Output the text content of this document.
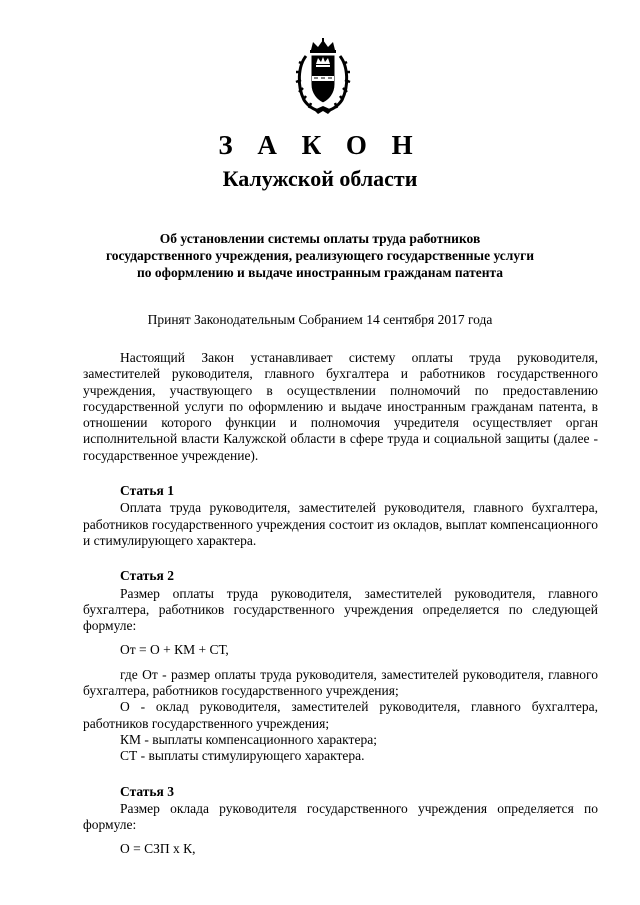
З А К О Н
Калужской области
Об установлении системы оплаты труда работников
государственного учреждения, реализующего государственные услуги
по оформлению и выдаче иностранным гражданам патента
Принят Законодательным Собранием 14 сентября 2017 года

Настоящий Закон устанавливает систему оплаты труда руководителя, заместителей руководителя, главного бухгалтера и работников государственного учреждения, участвующего в осуществлении полномочий по предоставлению государственной услуги по оформлению и выдаче иностранным гражданам патента, в отношении которого функции и полномочия учредителя осуществляет орган исполнительной власти Калужской области в сфере труда и социальной защиты (далее - государственное учреждение).

Статья 1

Оплата труда руководителя, заместителей руководителя, главного бухгалтера, работников государственного учреждения состоит из окладов, выплат компенсационного и стимулирующего характера.

Статья 2

Размер оплаты труда руководителя, заместителей руководителя, главного бухгалтера, работников государственного учреждения определяется по следующей формуле:

От = О + КМ + СТ,

где От - размер оплаты труда руководителя, заместителей руководителя, главного бухгалтера, работников государственного учреждения;

О - оклад руководителя, заместителей руководителя, главного бухгалтера, работников государственного учреждения;

КМ - выплаты компенсационного характера;

СТ - выплаты стимулирующего характера.

Статья 3

Размер оклада руководителя государственного учреждения определяется по формуле:

О = СЗП х К,
